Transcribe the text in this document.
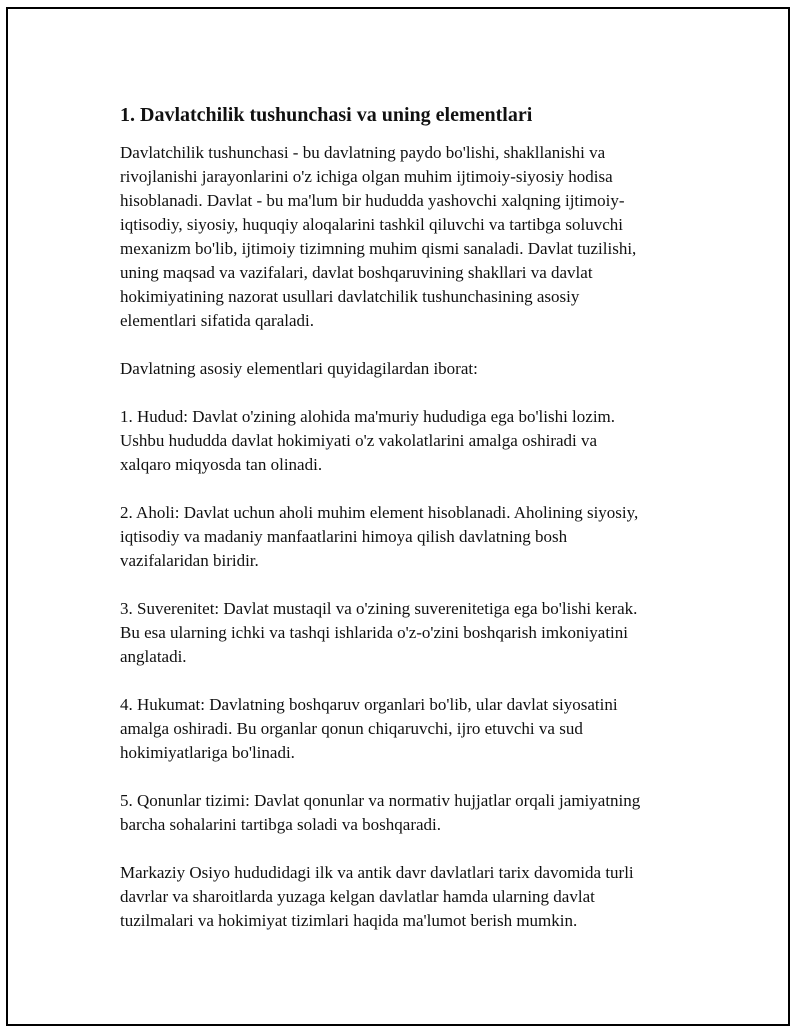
1. Davlatchilik tushunchasi va uning elementlari

Davlatchilik tushunchasi - bu davlatning paydo bo'lishi, shakllanishi va
rivojlanishi jarayonlarini o'z ichiga olgan muhim ijtimoiy-siyosiy hodisa
hisoblanadi. Davlat - bu ma'lum bir hududda yashovchi xalqning ijtimoiy-
iqtisodiy, siyosiy, huquqiy aloqalarini tashkil qiluvchi va tartibga soluvchi
mexanizm bo'lib, ijtimoiy tizimning muhim qismi sanaladi. Davlat tuzilishi,
uning maqsad va vazifalari, davlat boshqaruvining shakllari va davlat
hokimiyatining nazorat usullari davlatchilik tushunchasining asosiy
elementlari sifatida qaraladi.

Davlatning asosiy elementlari quyidagilardan iborat:

1. Hudud: Davlat o'zining alohida ma'muriy hududiga ega bo'lishi lozim.
Ushbu hududda davlat hokimiyati o'z vakolatlarini amalga oshiradi va
xalqaro miqyosda tan olinadi.

2. Aholi: Davlat uchun aholi muhim element hisoblanadi. Aholining siyosiy,
iqtisodiy va madaniy manfaatlarini himoya qilish davlatning bosh
vazifalaridan biridir.

3. Suverenitet: Davlat mustaqil va o'zining suverenitetiga ega bo'lishi kerak.
Bu esa ularning ichki va tashqi ishlarida o'z-o'zini boshqarish imkoniyatini
anglatadi.

4. Hukumat: Davlatning boshqaruv organlari bo'lib, ular davlat siyosatini
amalga oshiradi. Bu organlar qonun chiqaruvchi, ijro etuvchi va sud
hokimiyatlariga bo'linadi.

5. Qonunlar tizimi: Davlat qonunlar va normativ hujjatlar orqali jamiyatning
barcha sohalarini tartibga soladi va boshqaradi.

Markaziy Osiyo hududidagi ilk va antik davr davlatlari tarix davomida turli
davrlar va sharoitlarda yuzaga kelgan davlatlar hamda ularning davlat
tuzilmalari va hokimiyat tizimlari haqida ma'lumot berish mumkin.
